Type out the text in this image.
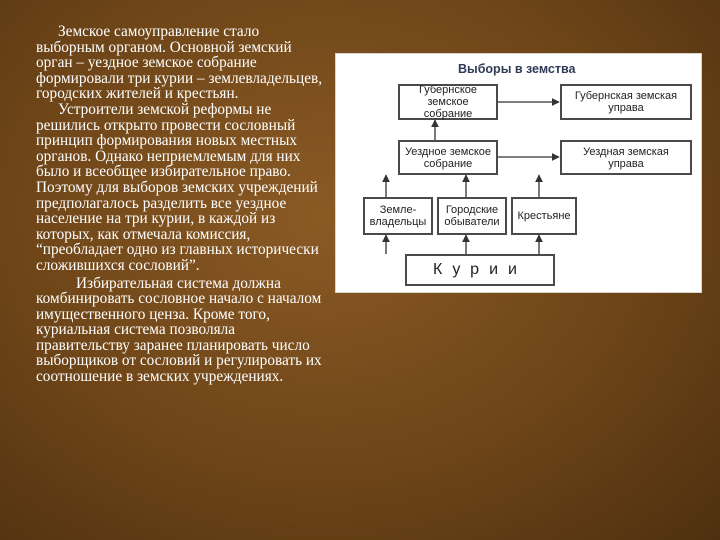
Земское самоуправление стало выборным органом. Основной земский орган – уездное земское собрание формировали три курии – землевладельцев, городских жителей и крестьян.

Устроители земской реформы не решились открыто провести сословный принцип формирования новых местных органов. Однако неприемлемым для них было и всеобщее избирательное право. Поэтому для выборов земских учреждений предполагалось разделить все уездное население на три курии, в каждой из которых, как отмечала комиссия, “преобладает одно из главных исторически сложившихся сословий”.

Избирательная система должна комбинировать сословное начало с началом имущественного ценза. Кроме того, куриальная система позволяла правительству заранее планировать число выборщиков от сословий и регулировать их соотношение в земских учреждениях.

Выборы в земства
Губернское земское
собрание
Губернская земская
управа
Уездное земское
собрание
Уездная земская
управа
Земле-
владельцы
Городские
обыватели	Крестьяне
Курии
